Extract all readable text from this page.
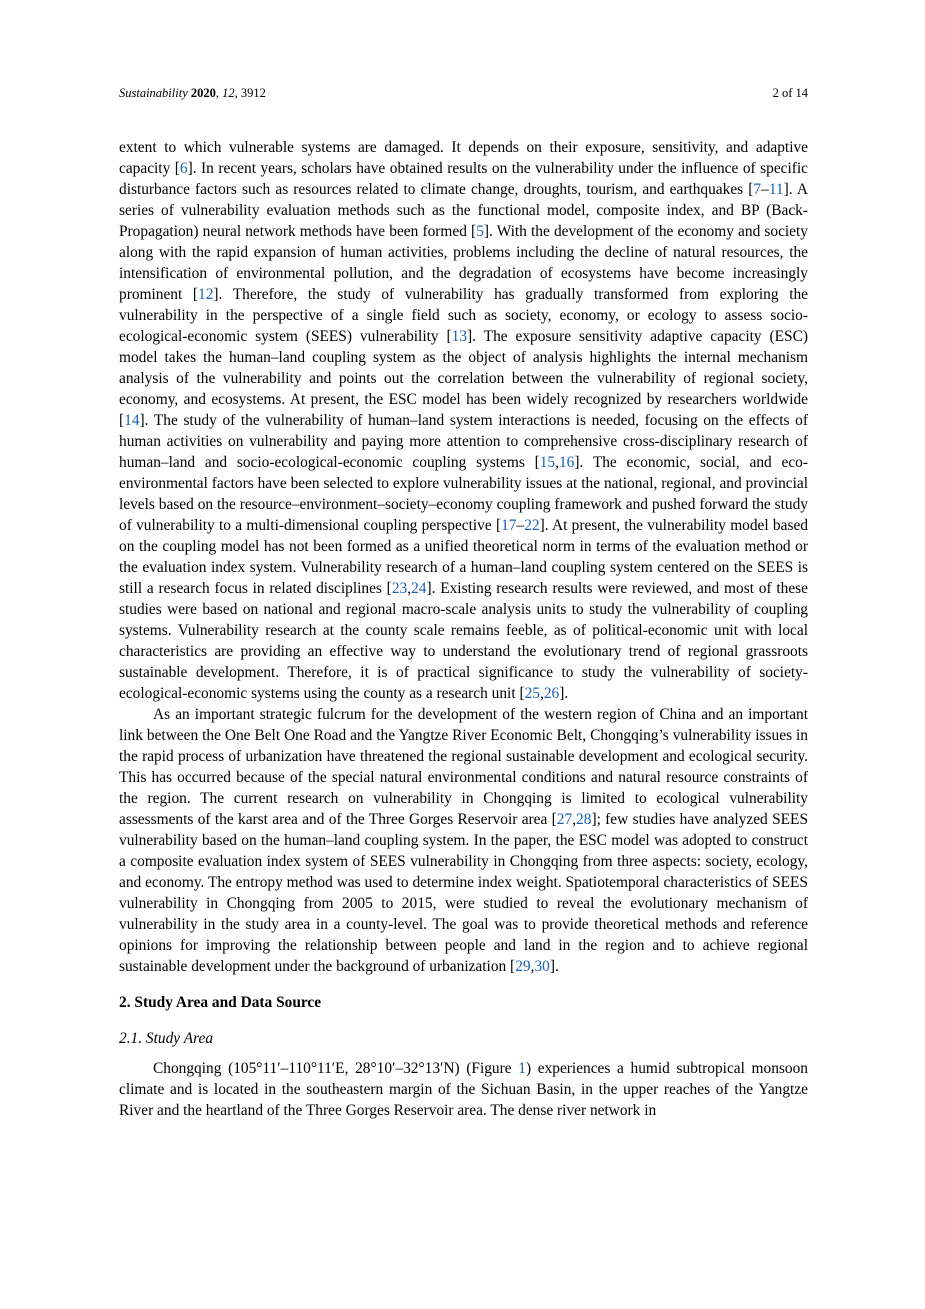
Sustainability 2020, 12, 3912	2 of 14

extent to which vulnerable systems are damaged. It depends on their exposure, sensitivity, and adaptive capacity [6]. In recent years, scholars have obtained results on the vulnerability under the influence of specific disturbance factors such as resources related to climate change, droughts, tourism, and earthquakes [7–11]. A series of vulnerability evaluation methods such as the functional model, composite index, and BP (Back-Propagation) neural network methods have been formed [5]. With the development of the economy and society along with the rapid expansion of human activities, problems including the decline of natural resources, the intensification of environmental pollution, and the degradation of ecosystems have become increasingly prominent [12]. Therefore, the study of vulnerability has gradually transformed from exploring the vulnerability in the perspective of a single field such as society, economy, or ecology to assess socio-ecological-economic system (SEES) vulnerability [13]. The exposure sensitivity adaptive capacity (ESC) model takes the human–land coupling system as the object of analysis highlights the internal mechanism analysis of the vulnerability and points out the correlation between the vulnerability of regional society, economy, and ecosystems. At present, the ESC model has been widely recognized by researchers worldwide [14]. The study of the vulnerability of human–land system interactions is needed, focusing on the effects of human activities on vulnerability and paying more attention to comprehensive cross-disciplinary research of human–land and socio-ecological-economic coupling systems [15,16]. The economic, social, and eco-environmental factors have been selected to explore vulnerability issues at the national, regional, and provincial levels based on the resource–environment–society–economy coupling framework and pushed forward the study of vulnerability to a multi-dimensional coupling perspective [17–22]. At present, the vulnerability model based on the coupling model has not been formed as a unified theoretical norm in terms of the evaluation method or the evaluation index system. Vulnerability research of a human–land coupling system centered on the SEES is still a research focus in related disciplines [23,24]. Existing research results were reviewed, and most of these studies were based on national and regional macro-scale analysis units to study the vulnerability of coupling systems. Vulnerability research at the county scale remains feeble, as of political-economic unit with local characteristics are providing an effective way to understand the evolutionary trend of regional grassroots sustainable development. Therefore, it is of practical significance to study the vulnerability of society-ecological-economic systems using the county as a research unit [25,26].

As an important strategic fulcrum for the development of the western region of China and an important link between the One Belt One Road and the Yangtze River Economic Belt, Chongqing’s vulnerability issues in the rapid process of urbanization have threatened the regional sustainable development and ecological security. This has occurred because of the special natural environmental conditions and natural resource constraints of the region. The current research on vulnerability in Chongqing is limited to ecological vulnerability assessments of the karst area and of the Three Gorges Reservoir area [27,28]; few studies have analyzed SEES vulnerability based on the human–land coupling system. In the paper, the ESC model was adopted to construct a composite evaluation index system of SEES vulnerability in Chongqing from three aspects: society, ecology, and economy. The entropy method was used to determine index weight. Spatiotemporal characteristics of SEES vulnerability in Chongqing from 2005 to 2015, were studied to reveal the evolutionary mechanism of vulnerability in the study area in a county-level. The goal was to provide theoretical methods and reference opinions for improving the relationship between people and land in the region and to achieve regional sustainable development under the background of urbanization [29,30].

2. Study Area and Data Source
2.1. Study Area

Chongqing (105°11′–110°11′E, 28°10′–32°13′N) (Figure 1) experiences a humid subtropical monsoon climate and is located in the southeastern margin of the Sichuan Basin, in the upper reaches of the Yangtze River and the heartland of the Three Gorges Reservoir area. The dense river network in
